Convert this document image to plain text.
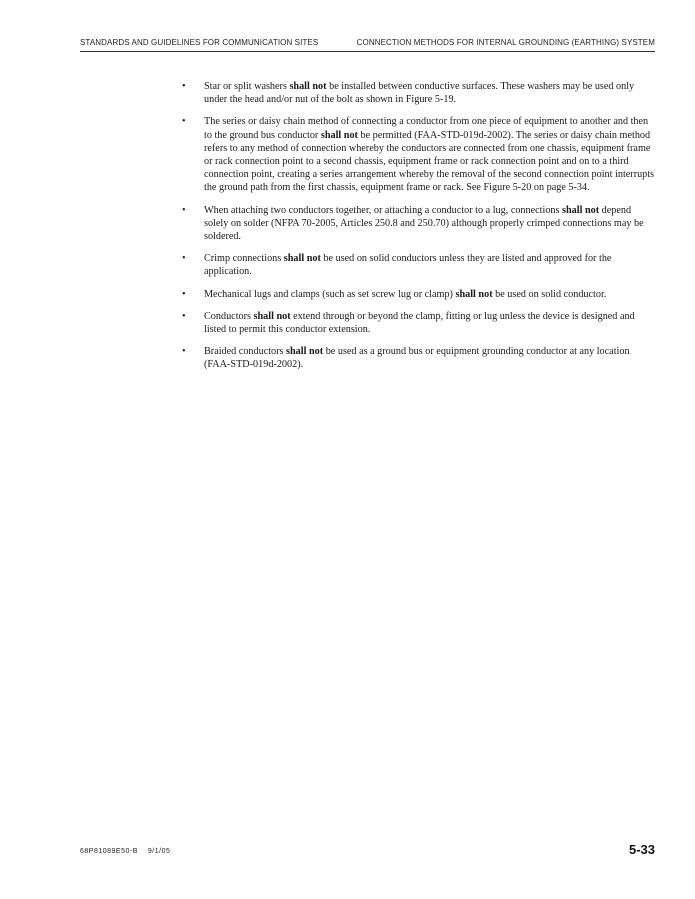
STANDARDS AND GUIDELINES FOR COMMUNICATION SITES	CONNECTION METHODS FOR INTERNAL GROUNDING (EARTHING) SYSTEM
• Star or split washers shall not be installed between conductive surfaces. These washers may be used only under the head and/or nut of the bolt as shown in Figure 5-19.
• The series or daisy chain method of connecting a conductor from one piece of equipment to another and then to the ground bus conductor shall not be permitted (FAA-STD-019d-2002). The series or daisy chain method refers to any method of connection whereby the conductors are connected from one chassis, equipment frame or rack connection point to a second chassis, equipment frame or rack connection point and on to a third connection point, creating a series arrangement whereby the removal of the second connection point interrupts the ground path from the first chassis, equipment frame or rack. See Figure 5-20 on page 5-34.
• When attaching two conductors together, or attaching a conductor to a lug, connections shall not depend solely on solder (NFPA 70-2005, Articles 250.8 and 250.70) although properly crimped connections may be soldered.
• Crimp connections shall not be used on solid conductors unless they are listed and approved for the application.
• Mechanical lugs and clamps (such as set screw lug or clamp) shall not be used on solid conductor.
• Conductors shall not extend through or beyond the clamp, fitting or lug unless the device is designed and listed to permit this conductor extension.
• Braided conductors shall not be used as a ground bus or equipment grounding conductor at any location (FAA-STD-019d-2002).
68P81089E50-B 9/1/05	5-33
